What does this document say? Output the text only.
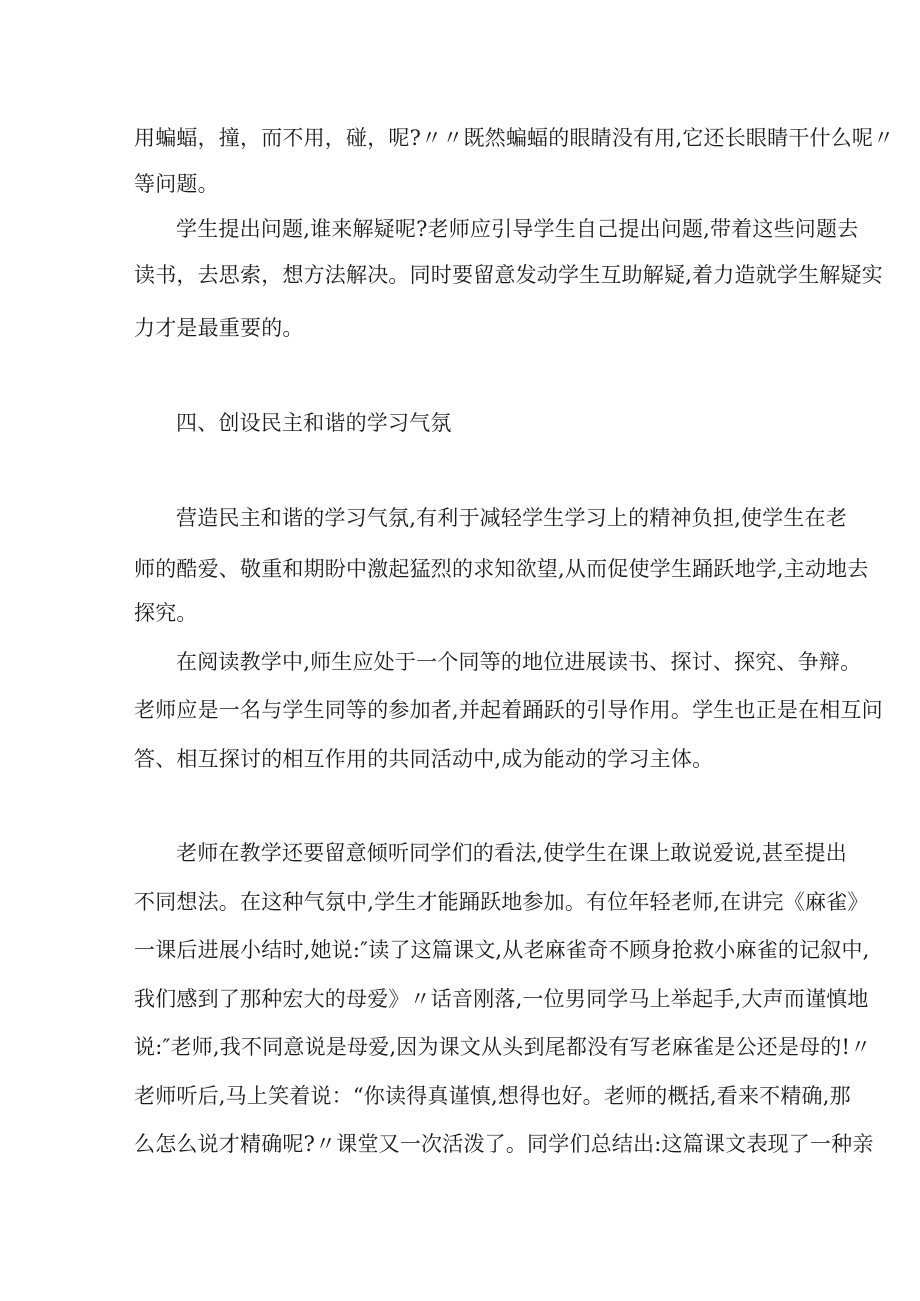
用蝙蝠，撞，而不用，碰，呢?〃〃既然蝙蝠的眼睛没有用,它还长眼睛干什么呢〃
等问题。
学生提出问题,谁来解疑呢?老师应引导学生自己提出问题,带着这些问题去
读书，去思索，想方法解决。同时要留意发动学生互助解疑,着力造就学生解疑实
力才是最重要的。
四、创设民主和谐的学习气氛
营造民主和谐的学习气氛,有利于减轻学生学习上的精神负担,使学生在老
师的酷爱、敬重和期盼中激起猛烈的求知欲望,从而促使学生踊跃地学,主动地去
探究。
在阅读教学中,师生应处于一个同等的地位进展读书、探讨、探究、争辩。
老师应是一名与学生同等的参加者,并起着踊跃的引导作用。学生也正是在相互问
答、相互探讨的相互作用的共同活动中,成为能动的学习主体。
老师在教学还要留意倾听同学们的看法,使学生在课上敢说爱说,甚至提出
不同想法。在这种气氛中,学生才能踊跃地参加。有位年轻老师,在讲完《麻雀》
一课后进展小结时,她说:″读了这篇课文,从老麻雀奇不顾身抢救小麻雀的记叙中,
我们感到了那种宏大的母爱》〃话音刚落,一位男同学马上举起手,大声而谨慎地
说:″老师,我不同意说是母爱,因为课文从头到尾都没有写老麻雀是公还是母的!〃
老师听后,马上笑着说：“你读得真谨慎,想得也好。老师的概括,看来不精确,那
么怎么说才精确呢?〃课堂又一次活泼了。同学们总结出:这篇课文表现了一种亲
